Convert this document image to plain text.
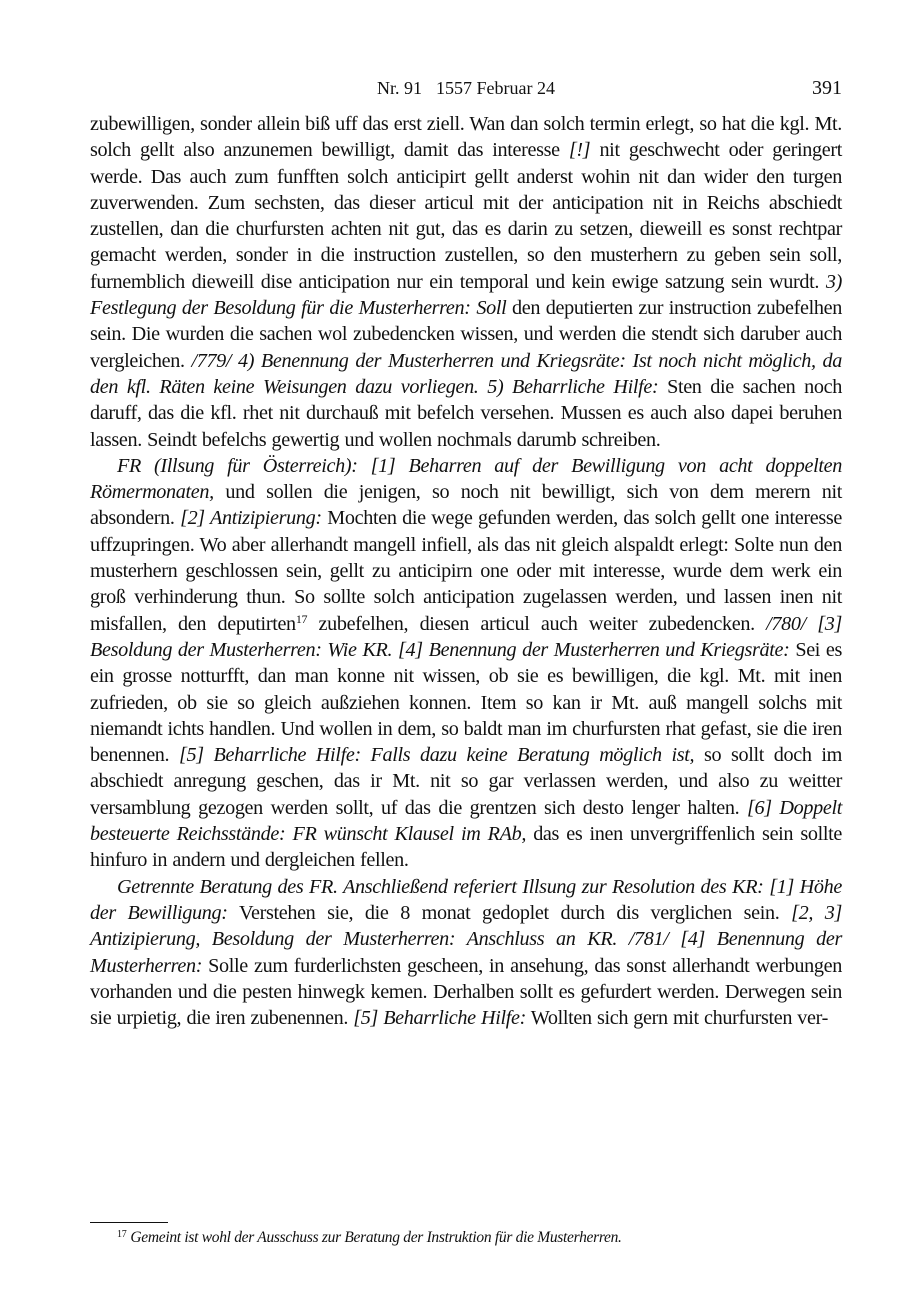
Nr. 91 1557 Februar 24	391

zubewilligen, sonder allein biß uff das erst ziell. Wan dan solch termin erlegt, so hat die kgl. Mt. solch gellt also anzunemen bewilligt, damit das interesse [!] nit geschwecht oder geringert werde. Das auch zum funfften solch anticipirt gellt anderst wohin nit dan wider den turgen zuverwenden. Zum sechsten, das dieser articul mit der anticipation nit in Reichs abschiedt zustellen, dan die churfursten achten nit gut, das es darin zu setzen, dieweill es sonst rechtpar gemacht werden, sonder in die instruction zustellen, so den musterhern zu geben sein soll, furnemblich dieweill dise anticipation nur ein temporal und kein ewige satzung sein wurdt. 3) Festlegung der Besoldung für die Musterherren: Soll den deputierten zur instruction zubefelhen sein. Die wurden die sachen wol zubedencken wissen, und werden die stendt sich daruber auch vergleichen. /779/ 4) Benennung der Musterherren und Kriegsräte: Ist noch nicht möglich, da den kfl. Räten keine Weisungen dazu vorliegen. 5) Beharrliche Hilfe: Sten die sachen noch daruff, das die kfl. rhet nit durchauß mit befelch versehen. Mussen es auch also dapei beruhen lassen. Seindt befelchs gewertig und wollen nochmals darumb schreiben.

FR (Illsung für Österreich): [1] Beharren auf der Bewilligung von acht doppelten Römermonaten, und sollen die jenigen, so noch nit bewilligt, sich von dem merern nit absondern. [2] Antizipierung: Mochten die wege gefunden werden, das solch gellt one interesse uffzupringen. Wo aber allerhandt mangell infiell, als das nit gleich alspaldt erlegt: Solte nun den musterhern geschlossen sein, gellt zu anticipirn one oder mit interesse, wurde dem werk ein groß verhinderung thun. So sollte solch anticipation zugelassen werden, und lassen inen nit misfallen, den deputirten$^{17}$ zubefelhen, diesen articul auch weiter zubedencken. /780/ [3] Besoldung der Musterherren: Wie KR. [4] Benennung der Musterherren und Kriegsräte: Sei es ein grosse notturfft, dan man konne nit wissen, ob sie es bewilligen, die kgl. Mt. mit inen zufrieden, ob sie so gleich außziehen konnen. Item so kan ir Mt. auß mangell solchs mit niemandt ichts handlen. Und wollen in dem, so baldt man im churfursten rhat gefast, sie die iren benennen. [5] Beharrliche Hilfe: Falls dazu keine Beratung möglich ist, so sollt doch im abschiedt anregung geschen, das ir Mt. nit so gar verlassen werden, und also zu weitter versamblung gezogen werden sollt, uf das die grentzen sich desto lenger halten. [6] Doppelt besteuerte Reichsstände: FR wünscht Klausel im RAb, das es inen unvergriffenlich sein sollte hinfuro in andern und dergleichen fellen.

Getrennte Beratung des FR. Anschließend referiert Illsung zur Resolution des KR: [1] Höhe der Bewilligung: Verstehen sie, die 8 monat gedoplet durch dis verglichen sein. [2, 3] Antizipierung, Besoldung der Musterherren: Anschluss an KR. /781/ [4] Benennung der Musterherren: Solle zum furderlichsten gescheen, in ansehung, das sonst allerhandt werbungen vorhanden und die pesten hinwegk kemen. Derhalben sollt es gefurdert werden. Derwegen sein sie urpietig, die iren zubenennen. [5] Beharrliche Hilfe: Wollten sich gern mit churfursten ver-

$^{17}$ Gemeint ist wohl der Ausschuss zur Beratung der Instruktion für die Musterherren.
